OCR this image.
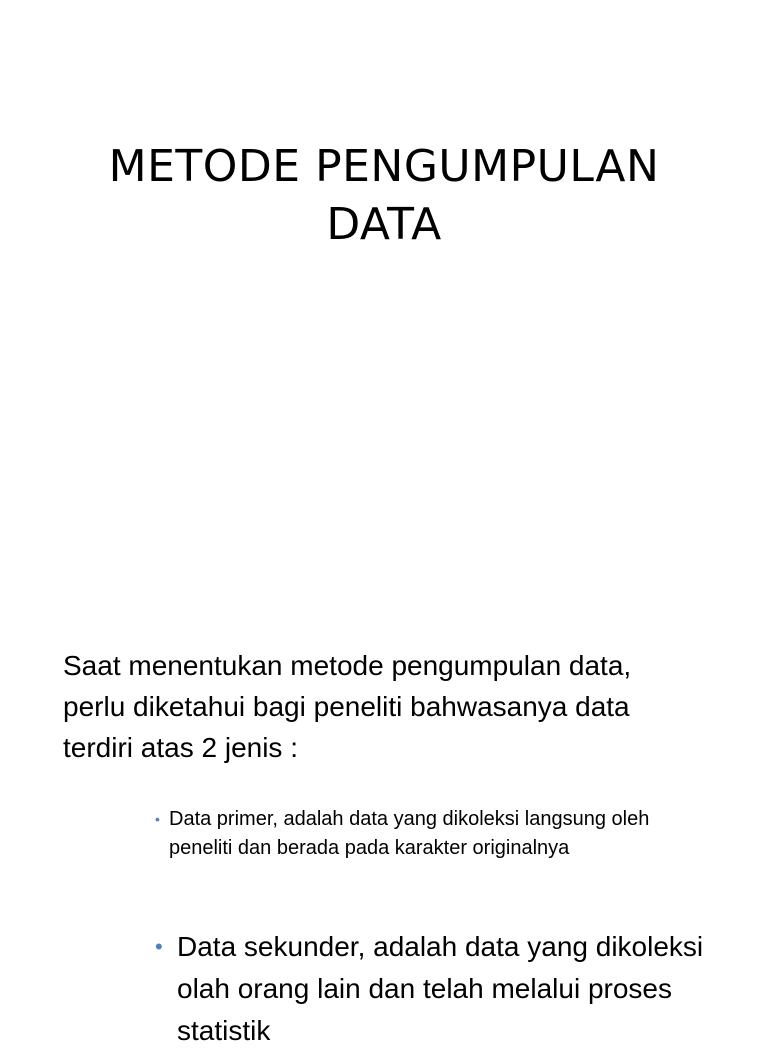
METODE PENGUMPULAN
DATA

Saat menentukan metode pengumpulan data, perlu diketahui bagi peneliti bahwasanya data terdiri atas 2 jenis :

• Data primer, adalah data yang dikoleksi langsung oleh peneliti dan berada pada karakter originalnya
• Data sekunder, adalah data yang dikoleksi olah orang lain dan telah melalui proses statistik
